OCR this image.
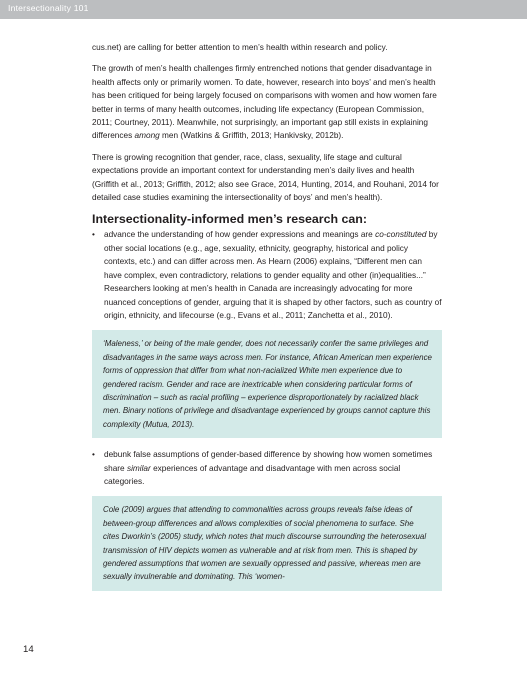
Intersectionality 101

cus.net) are calling for better attention to men’s health within research and policy.

The growth of men’s health challenges firmly entrenched notions that gender disadvantage in health affects only or primarily women. To date, however, research into boys’ and men’s health has been critiqued for being largely focused on comparisons with women and how women fare better in terms of many health outcomes, including life expectancy (European Commission, 2011; Courtney, 2011). Meanwhile, not surprisingly, an important gap still exists in explaining differences among men (Watkins & Griffith, 2013; Hankivsky, 2012b).

There is growing recognition that gender, race, class, sexuality, life stage and cultural expectations provide an important context for understanding men’s daily lives and health (Griffith et al., 2013; Griffith, 2012; also see Grace, 2014, Hunting, 2014, and Rouhani, 2014 for detailed case studies examining the intersectionality of boys’ and men’s health).

Intersectionality-informed men’s research can:
• advance the understanding of how gender expressions and meanings are co-constituted by other social locations (e.g., age, sexuality, ethnicity, geography, historical and policy contexts, etc.) and can differ across men. As Hearn (2006) explains, “Different men can have complex, even contradictory, relations to gender equality and other (in)equalities...” Researchers looking at men’s health in Canada are increasingly advocating for more nuanced conceptions of gender, arguing that it is shaped by other factors, such as country of origin, ethnicity, and lifecourse (e.g., Evans et al., 2011; Zanchetta et al., 2010).
‘Maleness,’ or being of the male gender, does not necessarily confer the same privileges and disadvantages in the same ways across men. For instance, African American men experience forms of oppression that differ from what non-racialized White men experience due to gendered racism. Gender and race are inextricable when considering particular forms of discrimination – such as racial profiling – experience disproportionately by racialized black men. Binary notions of privilege and disadvantage experienced by groups cannot capture this complexity (Mutua, 2013).
• debunk false assumptions of gender-based difference by showing how women sometimes share similar experiences of advantage and disadvantage with men across social categories.
Cole (2009) argues that attending to commonalities across groups reveals false ideas of between-group differences and allows complexities of social phenomena to surface. She cites Dworkin’s (2005) study, which notes that much discourse surrounding the heterosexual transmission of HIV depicts women as vulnerable and at risk from men. This is shaped by gendered assumptions that women are sexually oppressed and passive, whereas men are sexually invulnerable and dominating. This ‘women-
14
